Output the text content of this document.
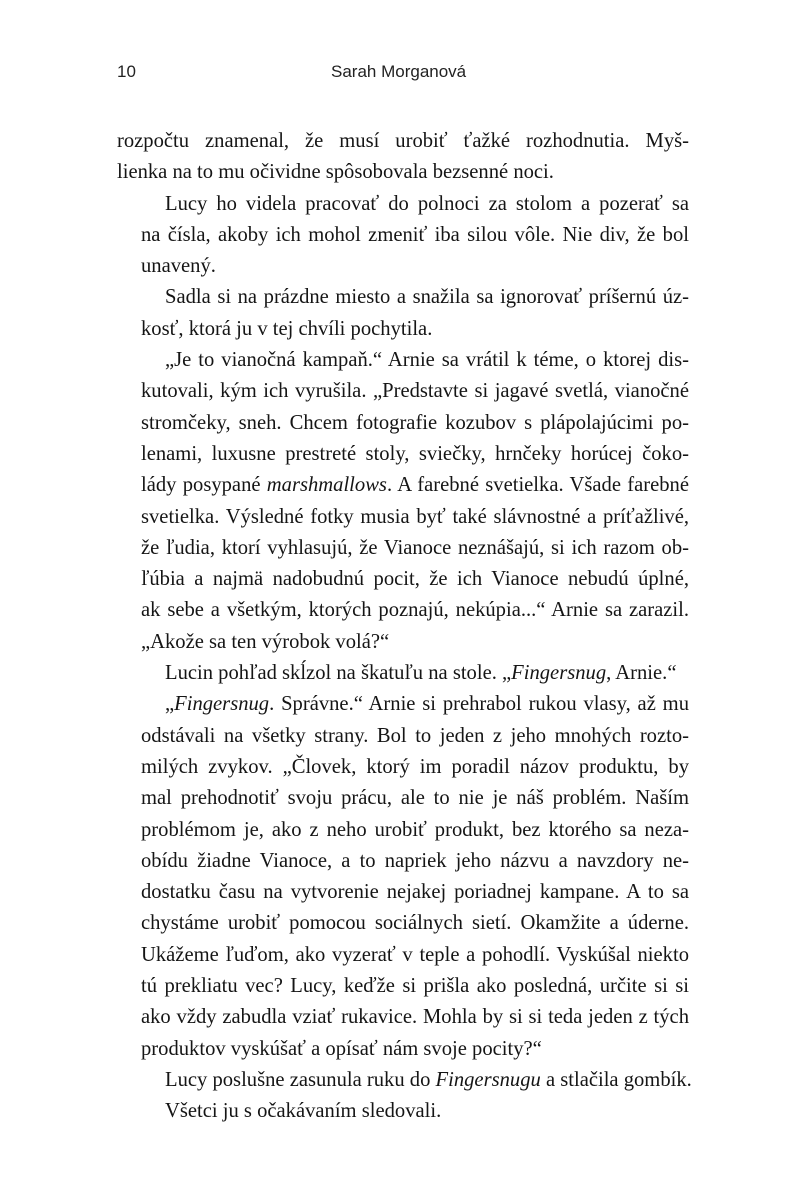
10	Sarah Morganová

rozpočtu znamenal, že musí urobiť ťažké rozhodnutia. Myš-
lienka na to mu očividne spôsobovala bezsenné noci.

Lucy ho videla pracovať do polnoci za stolom a pozerať sa
na čísla, akoby ich mohol zmeniť iba silou vôle. Nie div, že bol
unavený.

Sadla si na prázdne miesto a snažila sa ignorovať príšernú úz-
kosť, ktorá ju v tej chvíli pochytila.

„Je to vianočná kampaň.“ Arnie sa vrátil k téme, o ktorej dis-
kutovali, kým ich vyrušila. „Predstavte si jagavé svetlá, vianočné
stromčeky, sneh. Chcem fotografie kozubov s plápolajúcimi po-
lenami, luxusne prestreté stoly, sviečky, hrnčeky horúcej čoko-
lády posypané marshmallows. A farebné svetielka. Všade farebné
svetielka. Výsledné fotky musia byť také slávnostné a príťažlivé,
že ľudia, ktorí vyhlasujú, že Vianoce neznášajú, si ich razom ob-
ľúbia a najmä nadobudnú pocit, že ich Vianoce nebudú úplné,
ak sebe a všetkým, ktorých poznajú, nekúpia...“ Arnie sa zarazil.
„Akože sa ten výrobok volá?“

Lucin pohľad skĺzol na škatuľu na stole. „Fingersnug, Arnie.“

„Fingersnug. Správne.“ Arnie si prehrabol rukou vlasy, až mu
odstávali na všetky strany. Bol to jeden z jeho mnohých rozto-
milých zvykov. „Človek, ktorý im poradil názov produktu, by
mal prehodnotiť svoju prácu, ale to nie je náš problém. Naším
problémom je, ako z neho urobiť produkt, bez ktorého sa neza-
obídu žiadne Vianoce, a to napriek jeho názvu a navzdory ne-
dostatku času na vytvorenie nejakej poriadnej kampane. A to sa
chystáme urobiť pomocou sociálnych sietí. Okamžite a úderne.
Ukážeme ľuďom, ako vyzerať v teple a pohodlí. Vyskúšal niekto
tú prekliatu vec? Lucy, keďže si prišla ako posledná, určite si si
ako vždy zabudla vziať rukavice. Mohla by si si teda jeden z tých
produktov vyskúšať a opísať nám svoje pocity?“

Lucy poslušne zasunula ruku do Fingersnugu a stlačila gombík.

Všetci ju s očakávaním sledovali.
